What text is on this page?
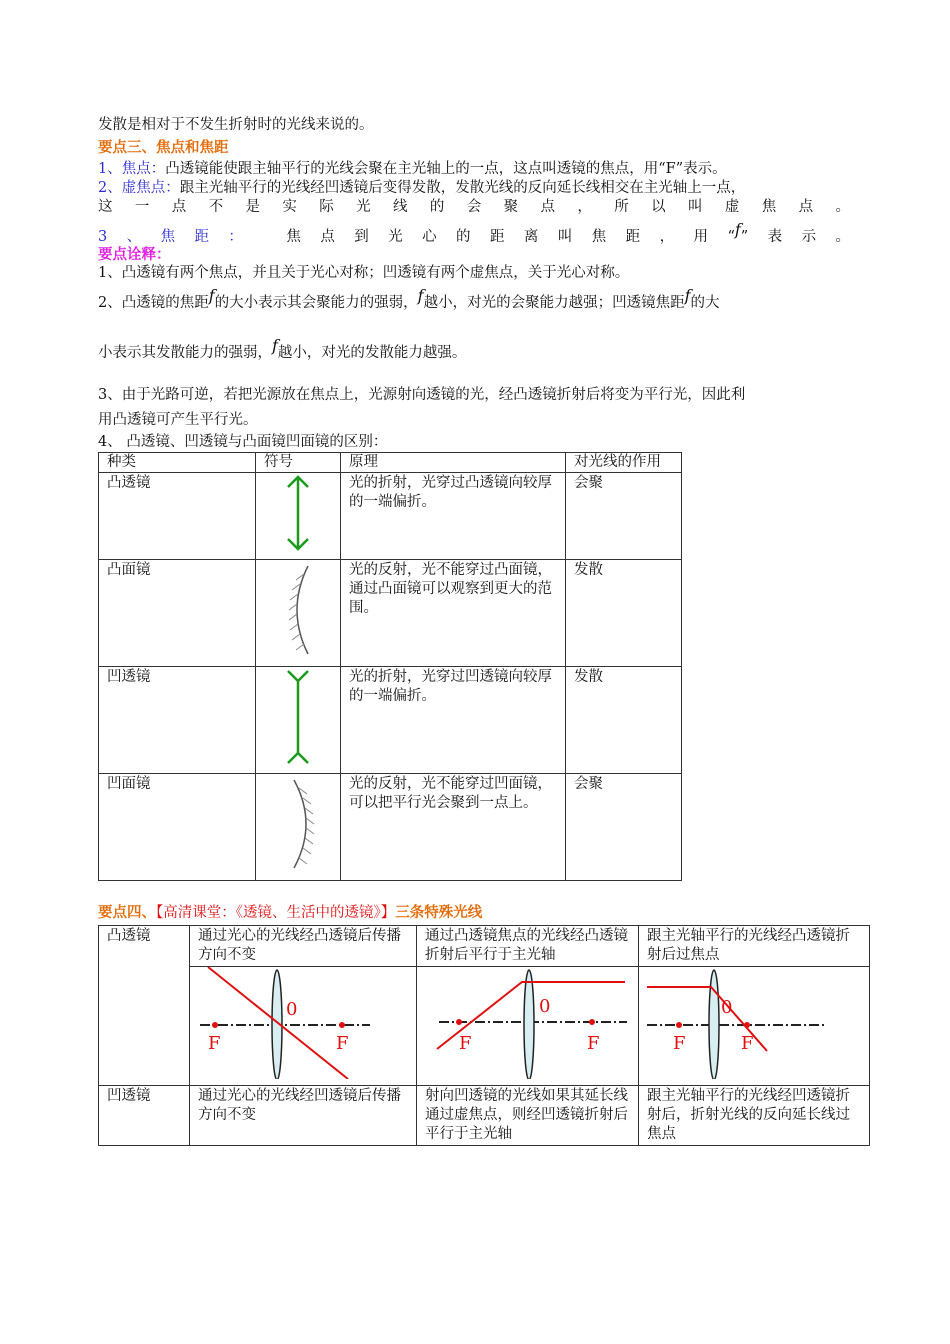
发散是相对于不发生折射时的光线来说的。
要点三、焦点和焦距
1、焦点：凸透镜能使跟主轴平行的光线会聚在主光轴上的一点，这点叫透镜的焦点，用“F”表示。
2、虚焦点：跟主光轴平行的光线经凹透镜后变得发散，发散光线的反向延长线相交在主光轴上一点，
这一点不是实际光线的会聚点，所以叫虚焦点。
3、焦距： 焦点到光心的距离叫焦距，用“f”表示。
要点诠释：
1、凸透镜有两个焦点，并且关于光心对称；凹透镜有两个虚焦点，关于光心对称。
2、凸透镜的焦距f的大小表示其会聚能力的强弱，f越小，对光的会聚能力越强；凹透镜焦距f的大
小表示其发散能力的强弱，f越小，对光的发散能力越强。
3、由于光路可逆，若把光源放在焦点上，光源射向透镜的光，经凸透镜折射后将变为平行光，因此利
用凸透镜可产生平行光。
4、 凸透镜、凹透镜与凸面镜凹面镜的区别：
种类	符号	原理	对光线的作用
凸透镜		光的折射，光穿过凸透镜向较厚的一端偏折。	会聚
凸面镜		光的反射，光不能穿过凸面镜，通过凸面镜可以观察到更大的范围。	发散
凹透镜		光的折射，光穿过凹透镜向较厚的一端偏折。	发散
凹面镜		光的反射，光不能穿过凹面镜，可以把平行光会聚到一点上。	会聚
要点四、【高清课堂：《透镜、生活中的透镜》】三条特殊光线
凸透镜	通过光心的光线经凸透镜后传播方向不变	通过凸透镜焦点的光线经凸透镜折射后平行于主光轴	跟主光轴平行的光线经凸透镜折射后过焦点

F F
0	F F
0	F F
0

凹透镜	通过光心的光线经凹透镜后传播方向不变	射向凹透镜的光线如果其延长线通过虚焦点，则经凹透镜折射后平行于主光轴	跟主光轴平行的光线经凹透镜折射后，折射光线的反向延长线过焦点
